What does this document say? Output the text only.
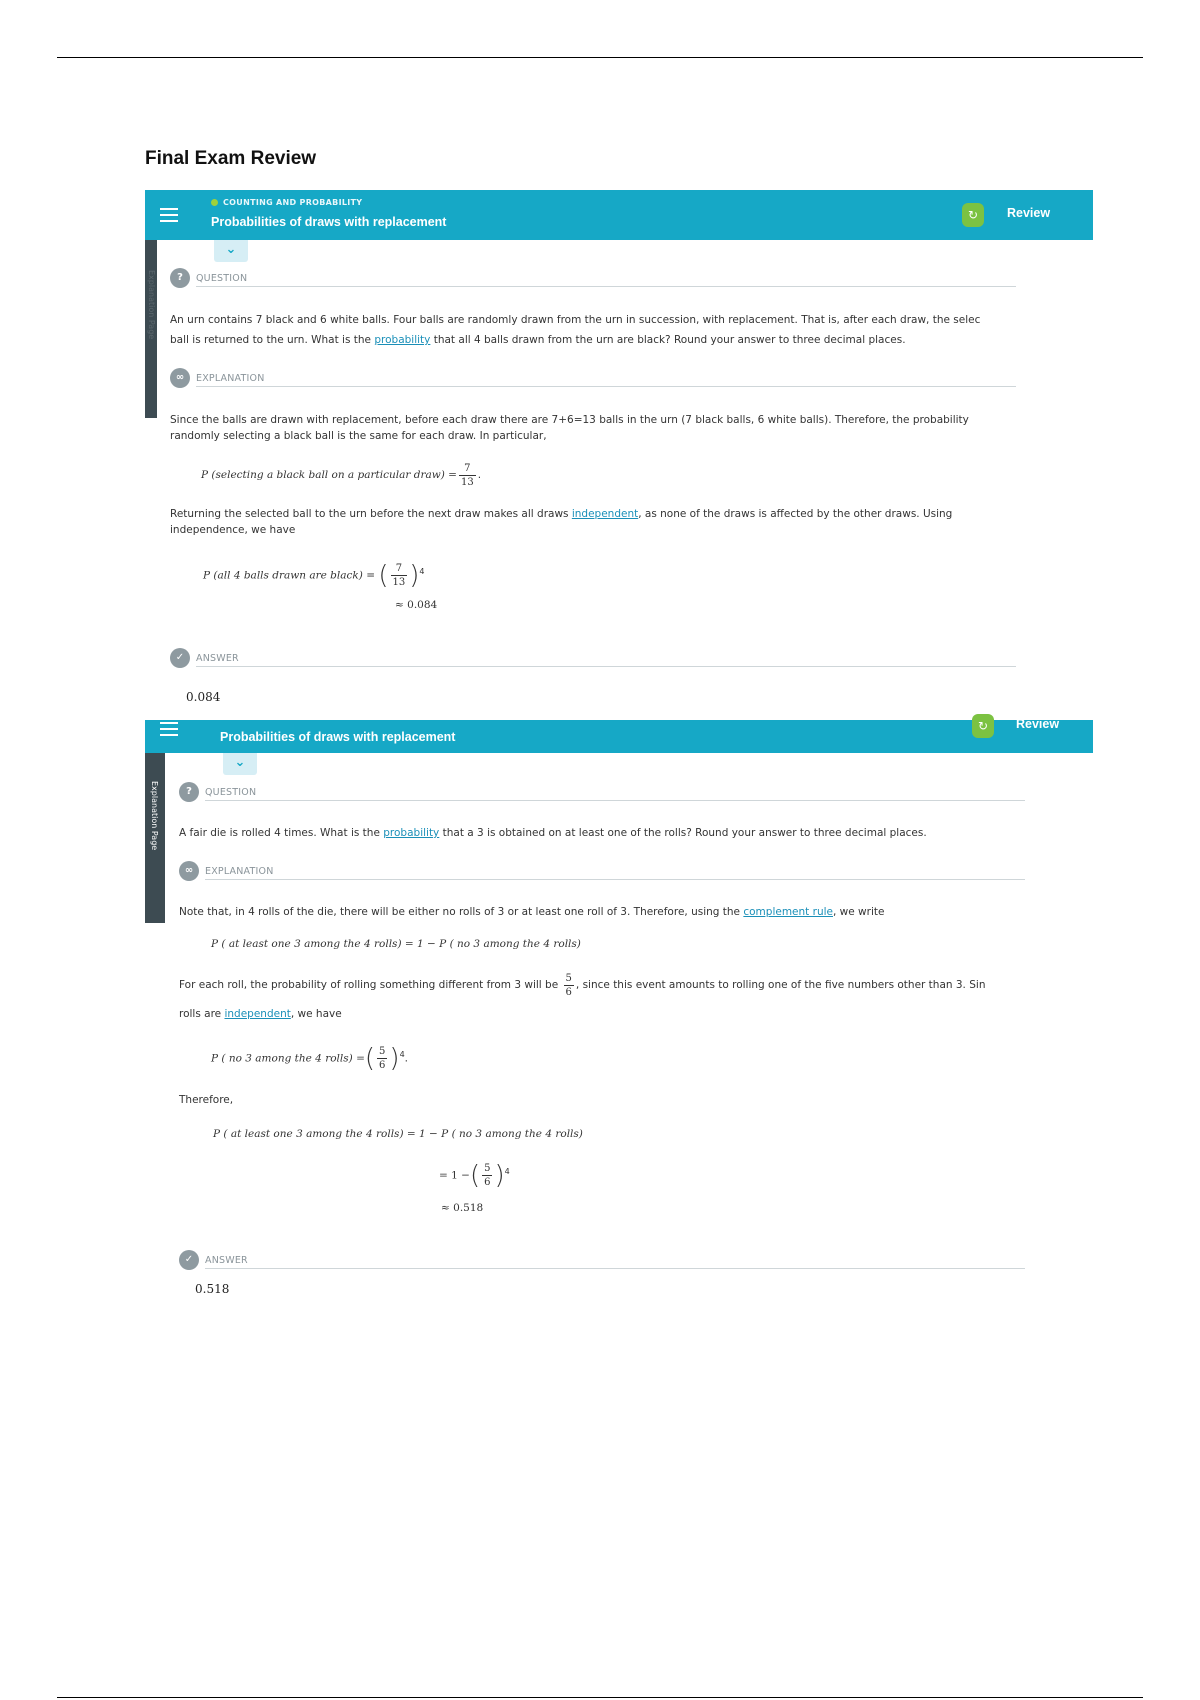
Final Exam Review
COUNTING AND PROBABILITY
Probabilities of draws with replacement	↻	Review
⌄
Explanation Page	?	QUESTION
An urn contains 7 black and 6 white balls. Four balls are randomly drawn from the urn in succession, with replacement. That is, after each draw, the selec
ball is returned to the urn. What is the probability that all 4 balls drawn from the urn are black? Round your answer to three decimal places.
∞	EXPLANATION
Since the balls are drawn with replacement, before each draw there are 7+6=13 balls in the urn (7 black balls, 6 white balls). Therefore, the probability
randomly selecting a black ball is the same for each draw. In particular,
P (selecting a black ball on a particular draw) = $\frac{7}{13}$ .
Returning the selected ball to the urn before the next draw makes all draws independent, as none of the draws is affected by the other draws. Using
independence, we have
P (all 4 balls drawn are black) = ( $\frac{7}{13} )^4$
≈ 0.084
✓	ANSWER
0.084
Probabilities of draws with replacement
↻	Review
⌄
Explanation Page	?	QUESTION
A fair die is rolled 4 times. What is the probability that a 3 is obtained on at least one of the rolls? Round your answer to three decimal places.
∞	EXPLANATION
Note that, in 4 rolls of the die, there will be either no rolls of 3 or at least one roll of 3. Therefore, using the complement rule, we write
P ( at least one 3 among the 4 rolls) = 1 − P ( no 3 among the 4 rolls)
For each roll, the probability of rolling something different from 3 will be $\frac{5}{6}$ , since this event amounts to rolling one of the five numbers other than 3. Sin
rolls are independent, we have
P ( no 3 among the 4 rolls) =( $\frac{5}{6} )^4$.
Therefore,
P ( at least one 3 among the 4 rolls) = 1 − P ( no 3 among the 4 rolls)
= 1 −( $\frac{5}{6} )^4$
≈ 0.518
✓	ANSWER
0.518
